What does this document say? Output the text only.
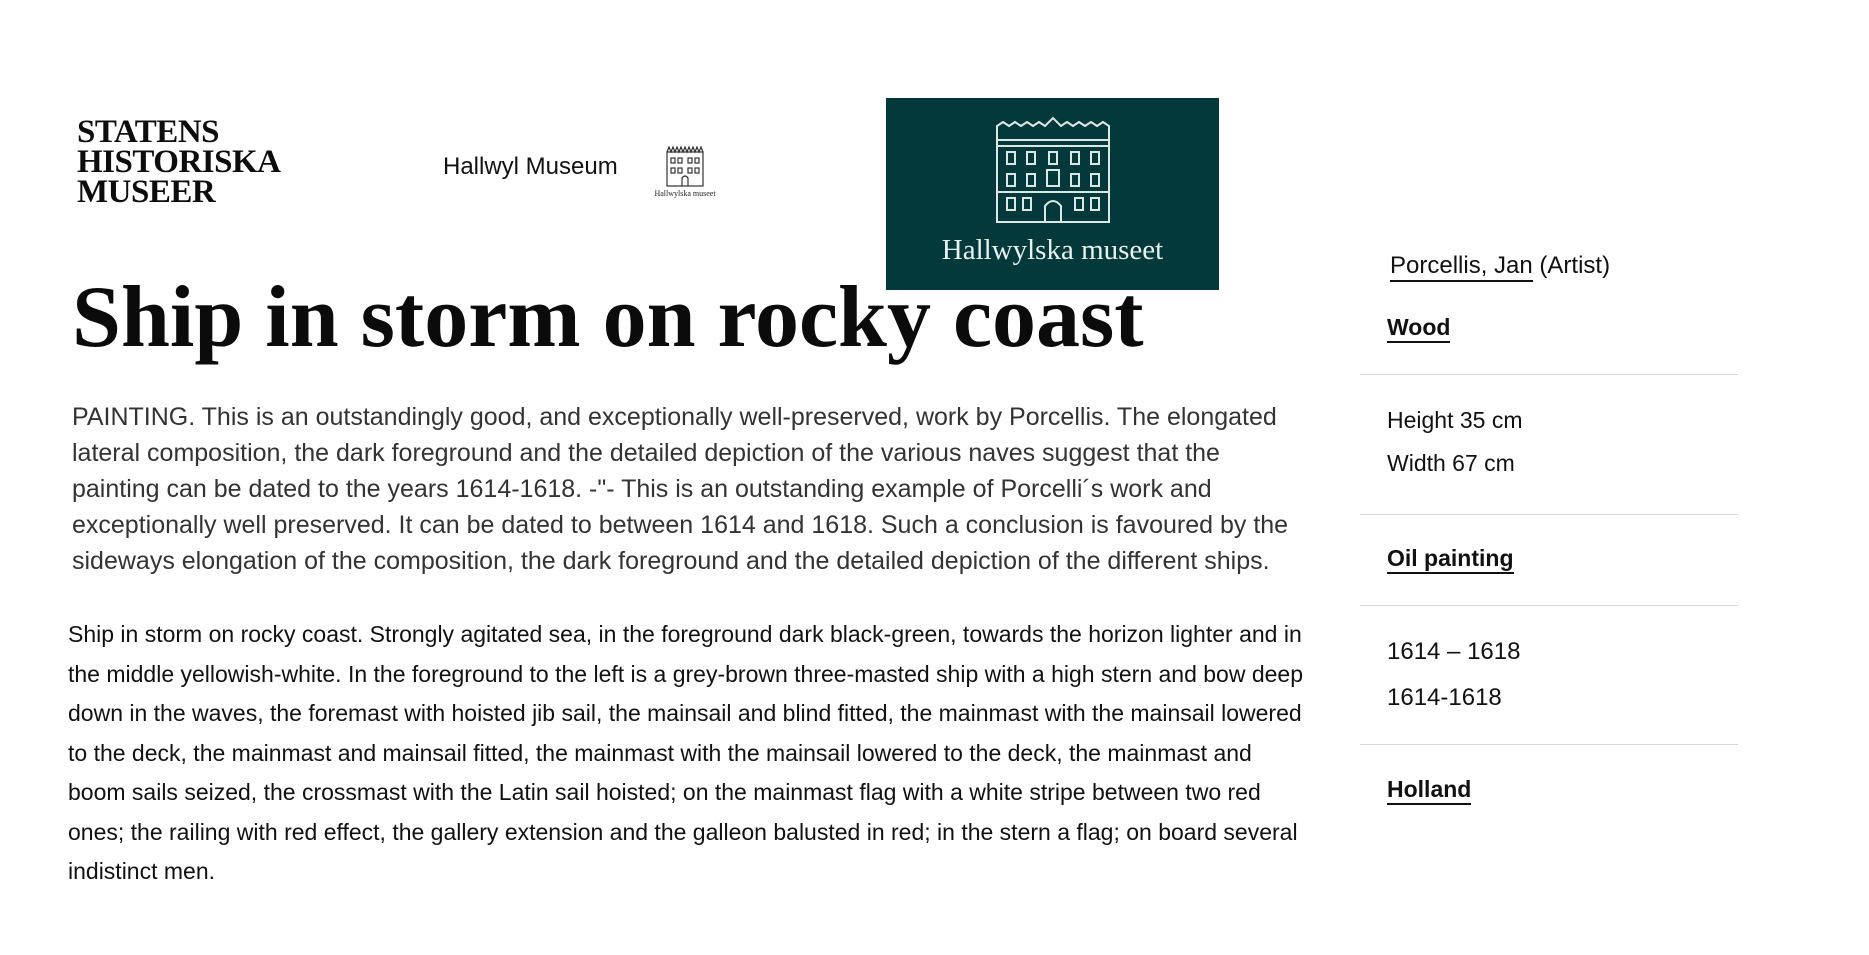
STATENS
HISTORISKA
MUSEER
Hallwyl Museum
Hallwylska museet
Hallwylska museet
Ship in storm on rocky coast

PAINTING. This is an outstandingly good, and exceptionally well-preserved, work by Porcellis. The elongated lateral composition, the dark foreground and the detailed depiction of the various naves suggest that the painting can be dated to the years 1614-1618. -"- This is an outstanding example of Porcelli´s work and exceptionally well preserved. It can be dated to between 1614 and 1618. Such a conclusion is favoured by the sideways elongation of the composition, the dark foreground and the detailed depiction of the different ships.

Ship in storm on rocky coast. Strongly agitated sea, in the foreground dark black-green, towards the horizon lighter and in the middle yellowish-white. In the foreground to the left is a grey-brown three-masted ship with a high stern and bow deep down in the waves, the foremast with hoisted jib sail, the mainsail and blind fitted, the mainmast with the mainsail lowered to the deck, the mainmast and mainsail fitted, the mainmast with the mainsail lowered to the deck, the mainmast and boom sails seized, the crossmast with the Latin sail hoisted; on the mainmast flag with a white stripe between two red ones; the railing with red effect, the gallery extension and the galleon balusted in red; in the stern a flag; on board several indistinct men.

Porcellis, Jan (Artist)
Wood
Height 35 cm
Width 67 cm
Oil painting
1614 – 1618
1614-1618
Holland
